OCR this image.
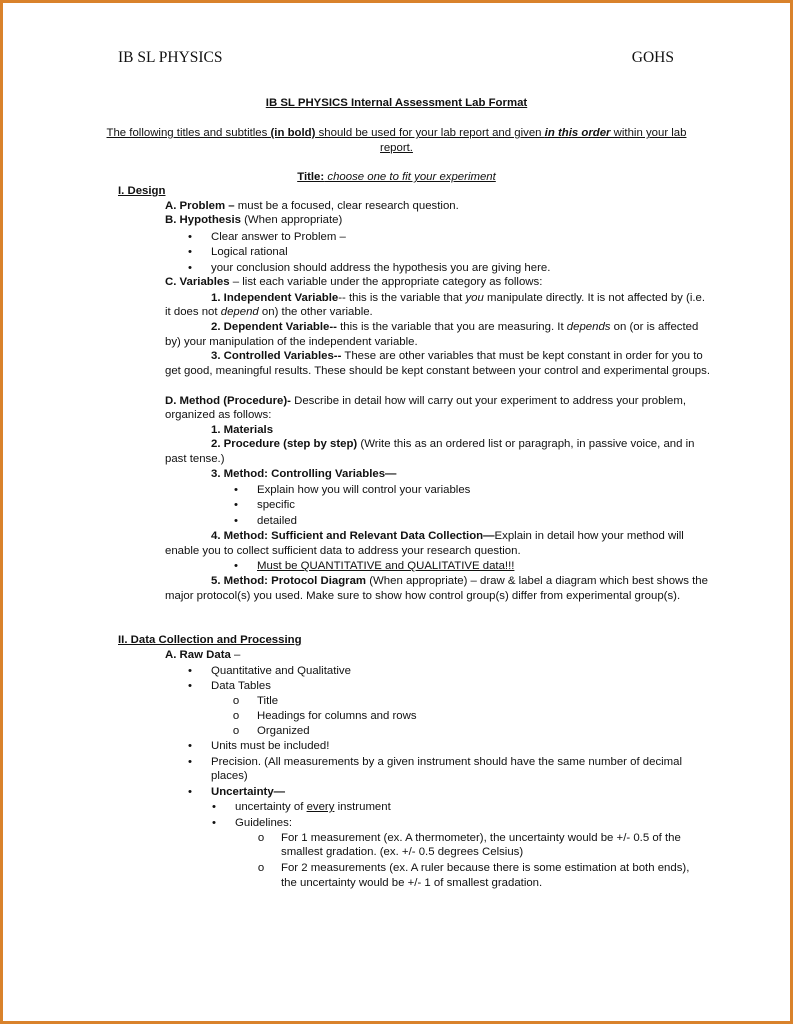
IB SL PHYSICS	GOHS
IB SL PHYSICS Internal Assessment Lab Format
The following titles and subtitles (in bold) should be used for your lab report and given in this order within your lab
report.
Title: choose one to fit your experiment
I. Design
A. Problem – must be a focused, clear research question.
B. Hypothesis (When appropriate)
•	Clear answer to Problem –
•	Logical rational
•	your conclusion should address the hypothesis you are giving here.
C. Variables – list each variable under the appropriate category as follows:
1. Independent Variable-- this is the variable that you manipulate directly. It is not affected by (i.e.
it does not depend on) the other variable.
2. Dependent Variable-- this is the variable that you are measuring. It depends on (or is affected
by) your manipulation of the independent variable.
3. Controlled Variables-- These are other variables that must be kept constant in order for you to
get good, meaningful results. These should be kept constant between your control and experimental groups.
D. Method (Procedure)- Describe in detail how will carry out your experiment to address your problem,
organized as follows:
1. Materials
2. Procedure (step by step) (Write this as an ordered list or paragraph, in passive voice, and in
past tense.)
3. Method: Controlling Variables—
•	Explain how you will control your variables
•	specific
•	detailed
4. Method: Sufficient and Relevant Data Collection—Explain in detail how your method will
enable you to collect sufficient data to address your research question.
•	Must be QUANTITATIVE and QUALITATIVE data!!!
5. Method: Protocol Diagram (When appropriate) – draw & label a diagram which best shows the
major protocol(s) you used. Make sure to show how control group(s) differ from experimental group(s).
II. Data Collection and Processing
A. Raw Data –
•	Quantitative and Qualitative
•	Data Tables
o Title
o Headings for columns and rows
o Organized
•	Units must be included!
•	Precision. (All measurements by a given instrument should have the same number of decimal
places)
•	Uncertainty—
•	uncertainty of every instrument
•	Guidelines:
o For 1 measurement (ex. A thermometer), the uncertainty would be +/- 0.5 of the
smallest gradation. (ex. +/- 0.5 degrees Celsius)
o For 2 measurements (ex. A ruler because there is some estimation at both ends),
the uncertainty would be +/- 1 of smallest gradation.
